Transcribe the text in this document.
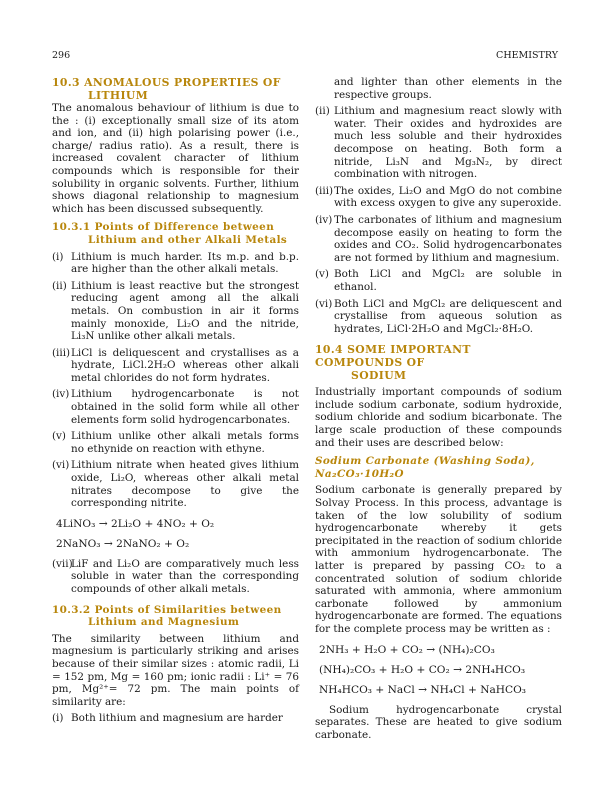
296	CHEMISTRY
10.3 ANOMALOUS PROPERTIES OF
LITHIUM

The anomalous behaviour of lithium is due to the : (i) exceptionally small size of its atom and ion, and (ii) high polarising power (i.e., charge/ radius ratio). As a result, there is increased covalent character of lithium compounds which is responsible for their solubility in organic solvents. Further, lithium shows diagonal relationship to magnesium which has been discussed subsequently.

10.3.1 Points of Difference between
Lithium and other Alkali Metals
(i) Lithium is much harder. Its m.p. and b.p. are higher than the other alkali metals.
(ii) Lithium is least reactive but the strongest reducing agent among all the alkali metals. On combustion in air it forms mainly monoxide, Li₂O and the nitride, Li₃N unlike other alkali metals.
(iii) LiCl is deliquescent and crystallises as a hydrate, LiCl.2H₂O whereas other alkali metal chlorides do not form hydrates.
(iv) Lithium hydrogencarbonate is not obtained in the solid form while all other elements form solid hydrogencarbonates.
(v) Lithium unlike other alkali metals forms no ethynide on reaction with ethyne.
(vi) Lithium nitrate when heated gives lithium oxide, Li₂O, whereas other alkali metal nitrates decompose to give the corresponding nitrite.

4LiNO₃ → 2Li₂O + 4NO₂ + O₂

2NaNO₃ → 2NaNO₂ + O₂

(vii)
LiF and Li₂O are comparatively much less soluble in water than the corresponding compounds of other alkali metals.
10.3.2 Points of Similarities between
Lithium and Magnesium

The similarity between lithium and magnesium is particularly striking and arises because of their similar sizes : atomic radii, Li = 152 pm, Mg = 160 pm; ionic radii : Li⁺ = 76 pm, Mg²⁺= 72 pm. The main points of similarity are:

(i) Both lithium and magnesium are harder

and lighter than other elements in the respective groups.

(ii) Lithium and magnesium react slowly with water. Their oxides and hydroxides are much less soluble and their hydroxides decompose on heating. Both form a nitride, Li₃N and Mg₃N₂, by direct combination with nitrogen.
(iii) The oxides, Li₂O and MgO do not combine with excess oxygen to give any superoxide.
(iv) The carbonates of lithium and magnesium decompose easily on heating to form the oxides and CO₂. Solid hydrogencarbonates are not formed by lithium and magnesium.
(v) Both LiCl and MgCl₂ are soluble in ethanol.
(vi) Both LiCl and MgCl₂ are deliquescent and crystallise from aqueous solution as hydrates, LiCl·2H₂O and MgCl₂·8H₂O.
10.4 SOME IMPORTANT COMPOUNDS OF
SODIUM

Industrially important compounds of sodium include sodium carbonate, sodium hydroxide, sodium chloride and sodium bicarbonate. The large scale production of these compounds and their uses are described below:

Sodium Carbonate (Washing Soda),
Na₂CO₃·10H₂O

Sodium carbonate is generally prepared by Solvay Process. In this process, advantage is taken of the low solubility of sodium hydrogencarbonate whereby it gets precipitated in the reaction of sodium chloride with ammonium hydrogencarbonate. The latter is prepared by passing CO₂ to a concentrated solution of sodium chloride saturated with ammonia, where ammonium carbonate followed by ammonium hydrogencarbonate are formed. The equations for the complete process may be written as :

2NH₃ + H₂O + CO₂ → (NH₄)₂CO₃

(NH₄)₂CO₃ + H₂O + CO₂ → 2NH₄HCO₃

NH₄HCO₃ + NaCl → NH₄Cl + NaHCO₃

Sodium hydrogencarbonate crystal separates. These are heated to give sodium carbonate.
